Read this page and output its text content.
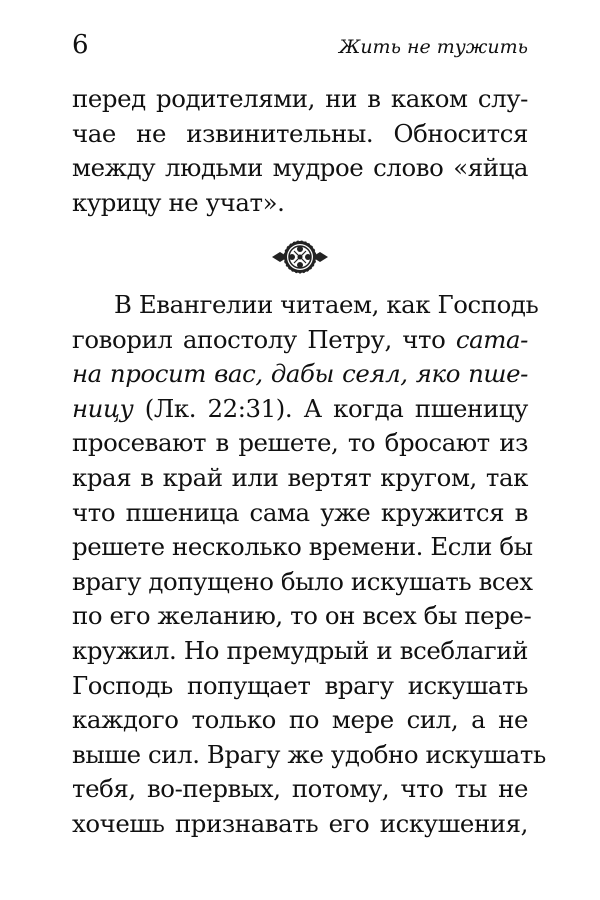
6	Жить не тужить
перед родителями, ни в каком слу-
чае не извинительны. Обносится
между людьми мудрое слово «яйца
курицу не учат».
В Евангелии читаем, как Господь
говорил апостолу Петру, что сата-
на просит вас, дабы сеял, яко пше-
ницу (Лк. 22:31). А когда пшеницу
просевают в решете, то бросают из
края в край или вертят кругом, так
что пшеница сама уже кружится в
решете несколько времени. Если бы
врагу допущено было искушать всех
по его желанию, то он всех бы пере-
кружил. Но премудрый и всеблагий
Господь попущает врагу искушать
каждого только по мере сил, а не
выше сил. Врагу же удобно искушать
тебя, во-первых, потому, что ты не
хочешь признавать его искушения,
